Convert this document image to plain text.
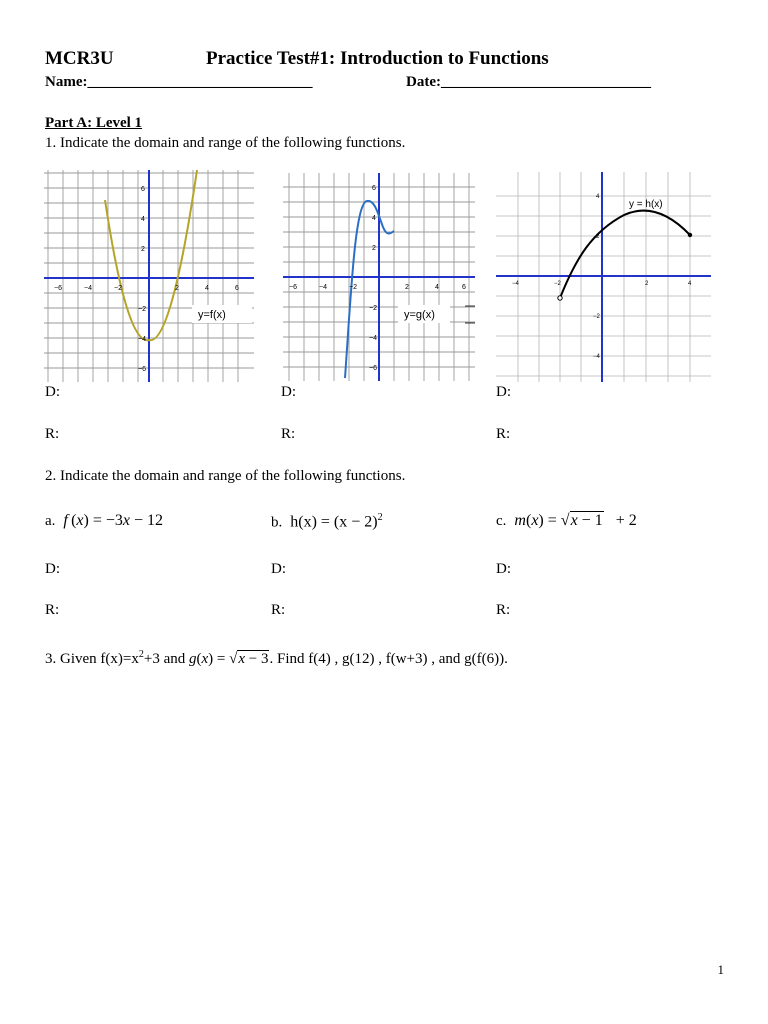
MCR3U	Practice Test#1: Introduction to Functions
Name:______________________________	Date:____________________________
Part A: Level 1
1. Indicate the domain and range of the following functions.
−6	−4	−2	2	4	6
6
4
2
−2
−4
−6
y=f(x)
−6	−4	−2	2	4	6
6
4
2
−2
−4
−6
y=g(x)
−4	−2	2	4
4
2
−2
−4
y = h(x)
D:	D:	D:
R:	R:	R:
2. Indicate the domain and range of the following functions.
a. f (x) = −3x − 12	b. $h(x) = (x - 2)^2$	c. m(x) = √x − 1 + 2
D:	D:	D:
R:	R:	R:
3. Given $f(x)=x^2+3$ and g(x) = √x − 3. Find f(4) , g(12) , f(w+3) , and g(f(6)).
1
